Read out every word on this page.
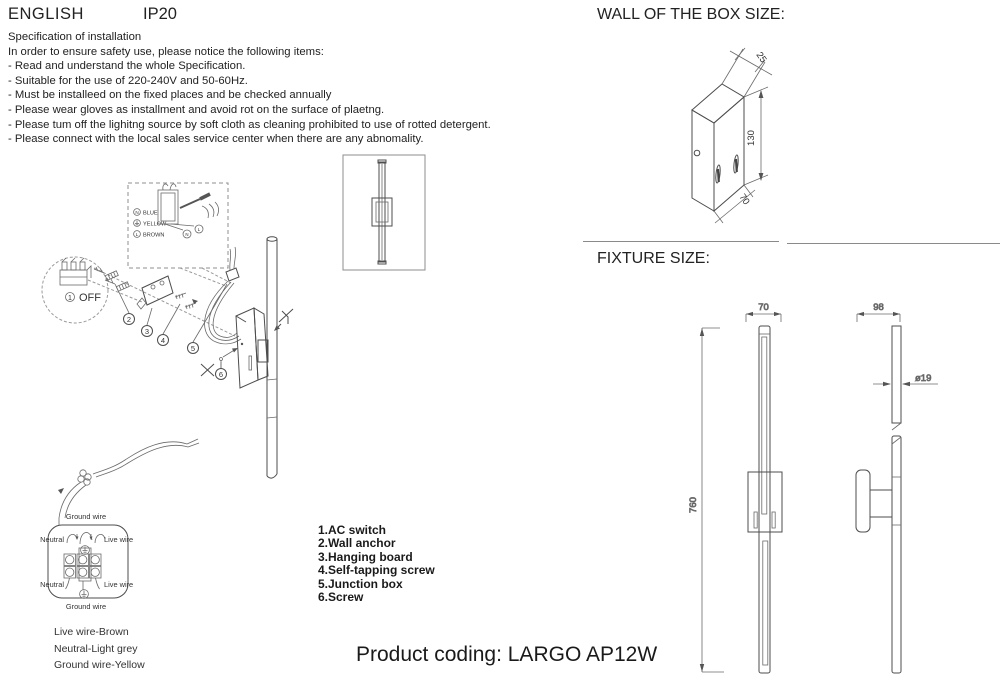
ENGLISH	IP20
Specification of installation
In order to ensure safety use, please notice the following items:
- Read and understand the whole Specification.
- Suitable for the use of 220-240V and 50-60Hz.
- Must be installeed on the fixed places and be checked annually
- Please wear gloves as installment and avoid rot on the surface of plaetng.
- Please tum off the lighitng source by soft cloth as cleaning prohibited to use of rotted detergent.
- Please connect with the local sales service center when there are any abnomality.
WALL OF THE BOX SIZE:
FIXTURE SIZE:
25
130
70
1 OFF
N BLUE
YELLOW
L BROWN	N
L
2
3
4
5
6
Ground wire
Neutral	Live wire
Neutral	Live wire
Ground wire
Live wire-Brown
Neutral-Light grey
Ground wire-Yellow
760
70	98
ø19
1.AC switch
2.Wall anchor
3.Hanging board
4.Self-tapping screw
5.Junction box
6.Screw
Product coding: LARGO AP12W
